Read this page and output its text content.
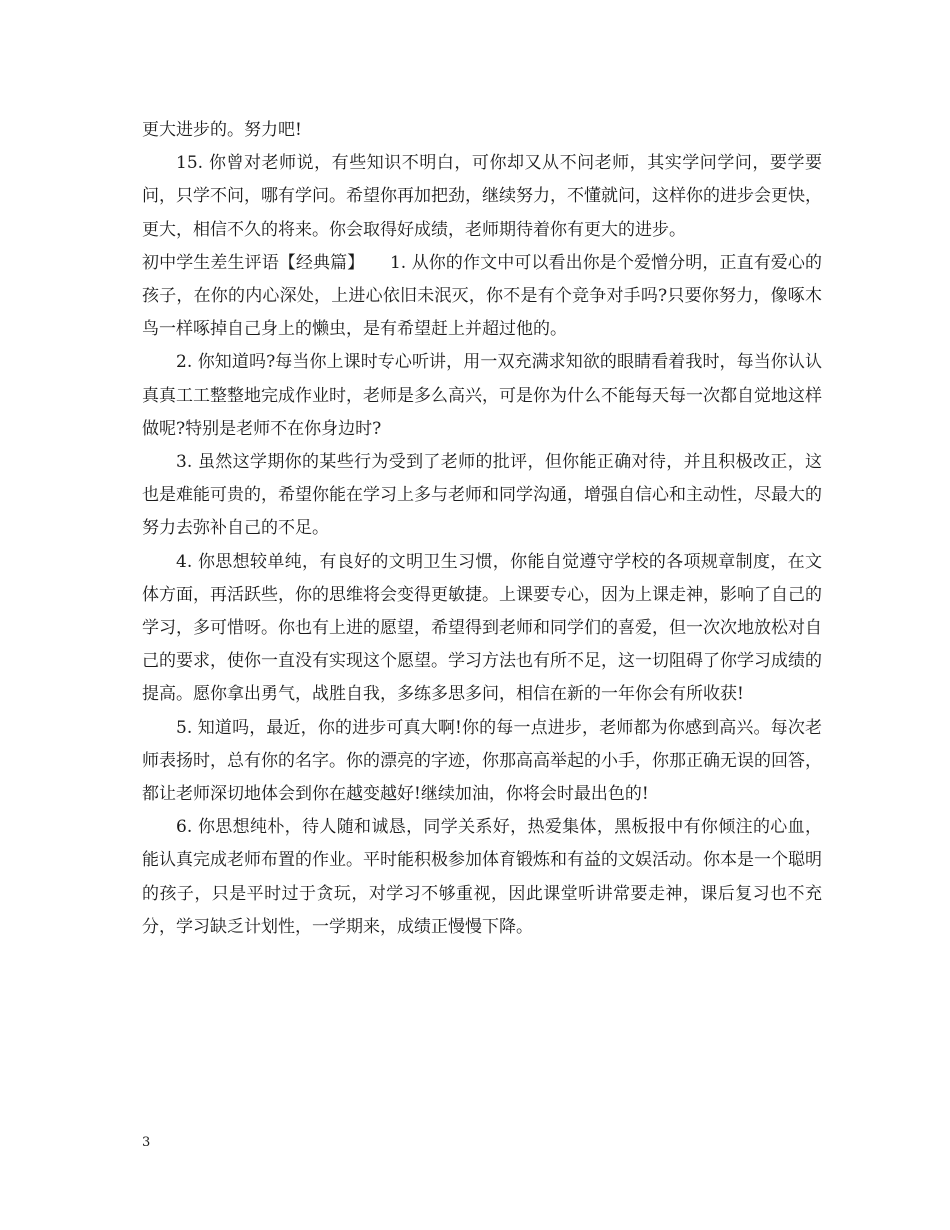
更大进步的。努力吧!

15. 你曾对老师说，有些知识不明白，可你却又从不问老师，其实学问学问，要学要问，只学不问，哪有学问。希望你再加把劲，继续努力，不懂就问，这样你的进步会更快，更大，相信不久的将来。你会取得好成绩，老师期待着你有更大的进步。

初中学生差生评语【经典篇】　　1. 从你的作文中可以看出你是个爱憎分明，正直有爱心的孩子，在你的内心深处，上进心依旧未泯灭，你不是有个竞争对手吗?只要你努力，像啄木鸟一样啄掉自己身上的懒虫，是有希望赶上并超过他的。

2. 你知道吗?每当你上课时专心听讲，用一双充满求知欲的眼睛看着我时，每当你认认真真工工整整地完成作业时，老师是多么高兴，可是你为什么不能每天每一次都自觉地这样做呢?特别是老师不在你身边时?

3. 虽然这学期你的某些行为受到了老师的批评，但你能正确对待，并且积极改正，这也是难能可贵的，希望你能在学习上多与老师和同学沟通，增强自信心和主动性，尽最大的努力去弥补自己的不足。

4. 你思想较单纯，有良好的文明卫生习惯，你能自觉遵守学校的各项规章制度，在文体方面，再活跃些，你的思维将会变得更敏捷。上课要专心，因为上课走神，影响了自己的学习，多可惜呀。你也有上进的愿望，希望得到老师和同学们的喜爱，但一次次地放松对自己的要求，使你一直没有实现这个愿望。学习方法也有所不足，这一切阻碍了你学习成绩的提高。愿你拿出勇气，战胜自我，多练多思多问，相信在新的一年你会有所收获!

5. 知道吗，最近，你的进步可真大啊!你的每一点进步，老师都为你感到高兴。每次老师表扬时，总有你的名字。你的漂亮的字迹，你那高高举起的小手，你那正确无误的回答，都让老师深切地体会到你在越变越好!继续加油，你将会时最出色的!

6. 你思想纯朴，待人随和诚恳，同学关系好，热爱集体，黑板报中有你倾注的心血，能认真完成老师布置的作业。平时能积极参加体育锻炼和有益的文娱活动。你本是一个聪明的孩子，只是平时过于贪玩，对学习不够重视，因此课堂听讲常要走神，课后复习也不充分，学习缺乏计划性，一学期来，成绩正慢慢下降。

3
